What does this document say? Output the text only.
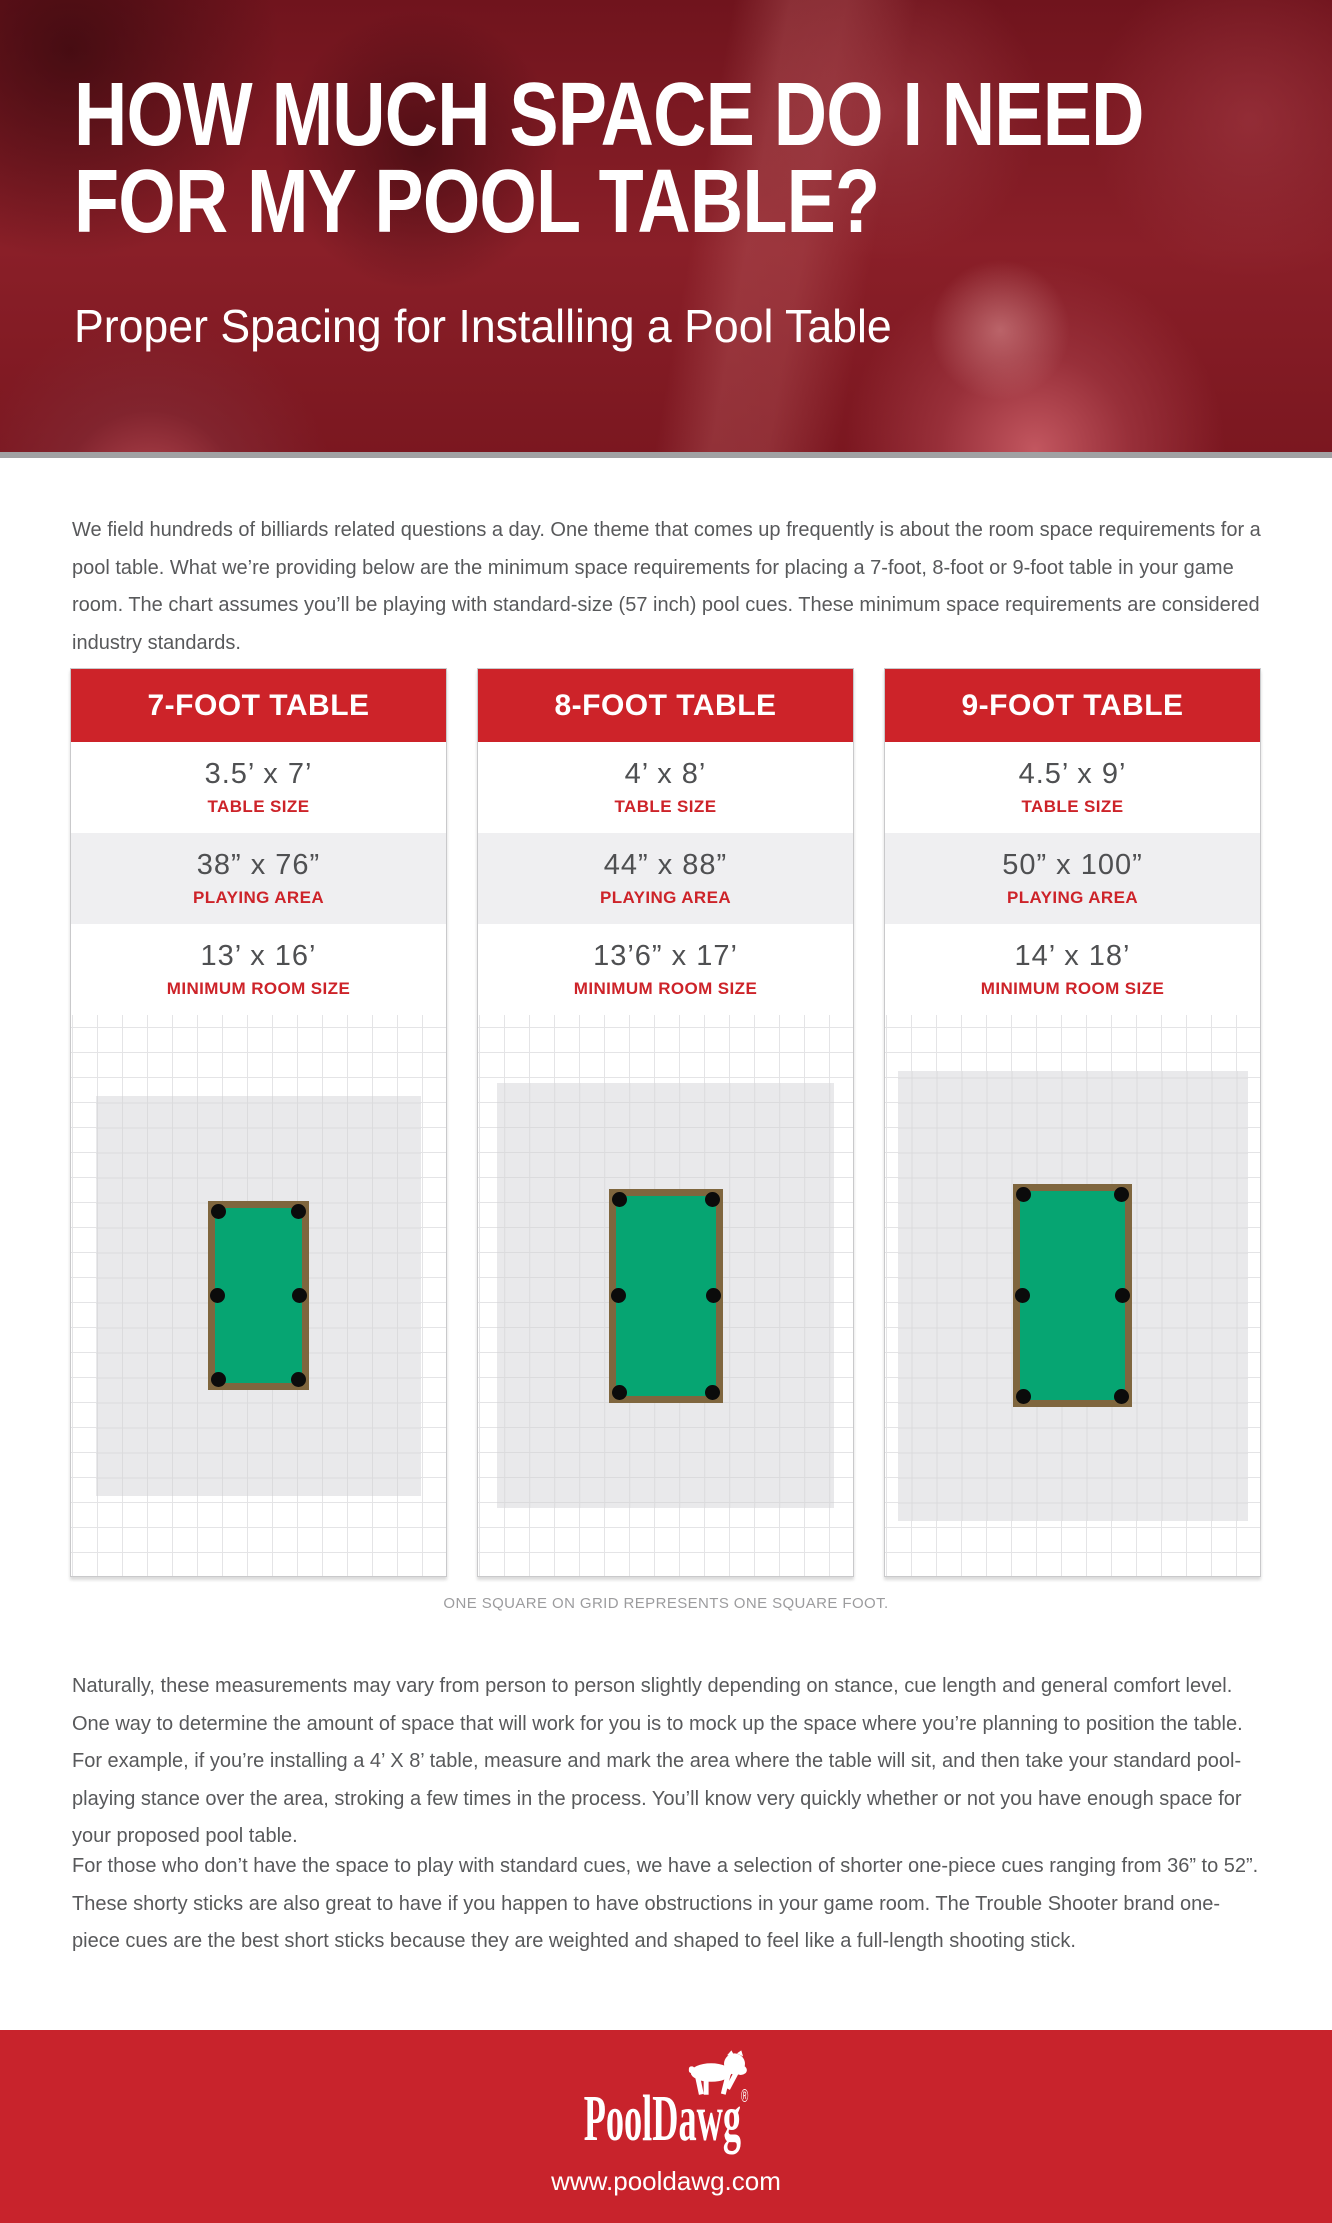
HOW MUCH SPACE DO I NEED
FOR MY POOL TABLE?
Proper Spacing for Installing a Pool Table
We field hundreds of billiards related questions a day. One theme that comes up frequently is about the room space requirements for a pool table. What we’re providing below are the minimum space requirements for placing a 7-foot, 8-foot or 9-foot table in your game room. The chart assumes you’ll be playing with standard-size (57 inch) pool cues. These minimum space requirements are considered industry standards.
7-FOOT TABLE
3.5’ x 7’
TABLE SIZE
38” x 76”
PLAYING AREA
13’ x 16’
MINIMUM ROOM SIZE
8-FOOT TABLE
4’ x 8’
TABLE SIZE
44” x 88”
PLAYING AREA
13’6” x 17’
MINIMUM ROOM SIZE
9-FOOT TABLE
4.5’ x 9’
TABLE SIZE
50” x 100”
PLAYING AREA
14’ x 18’
MINIMUM ROOM SIZE
ONE SQUARE ON GRID REPRESENTS ONE SQUARE FOOT.
Naturally, these measurements may vary from person to person slightly depending on stance, cue length and general comfort level. One way to determine the amount of space that will work for you is to mock up the space where you’re planning to position the table. For example, if you’re installing a 4’ X 8’ table, measure and mark the area where the table will sit, and then take your standard pool-playing stance over the area, stroking a few times in the process. You’ll know very quickly whether or not you have enough space for your proposed pool table.
For those who don’t have the space to play with standard cues, we have a selection of shorter one-piece cues ranging from 36” to 52”. These shorty sticks are also great to have if you happen to have obstructions in your game room. The Trouble Shooter brand one-piece cues are the best short sticks because they are weighted and shaped to feel like a full-length shooting stick.
PoolDawg®
www.pooldawg.com
